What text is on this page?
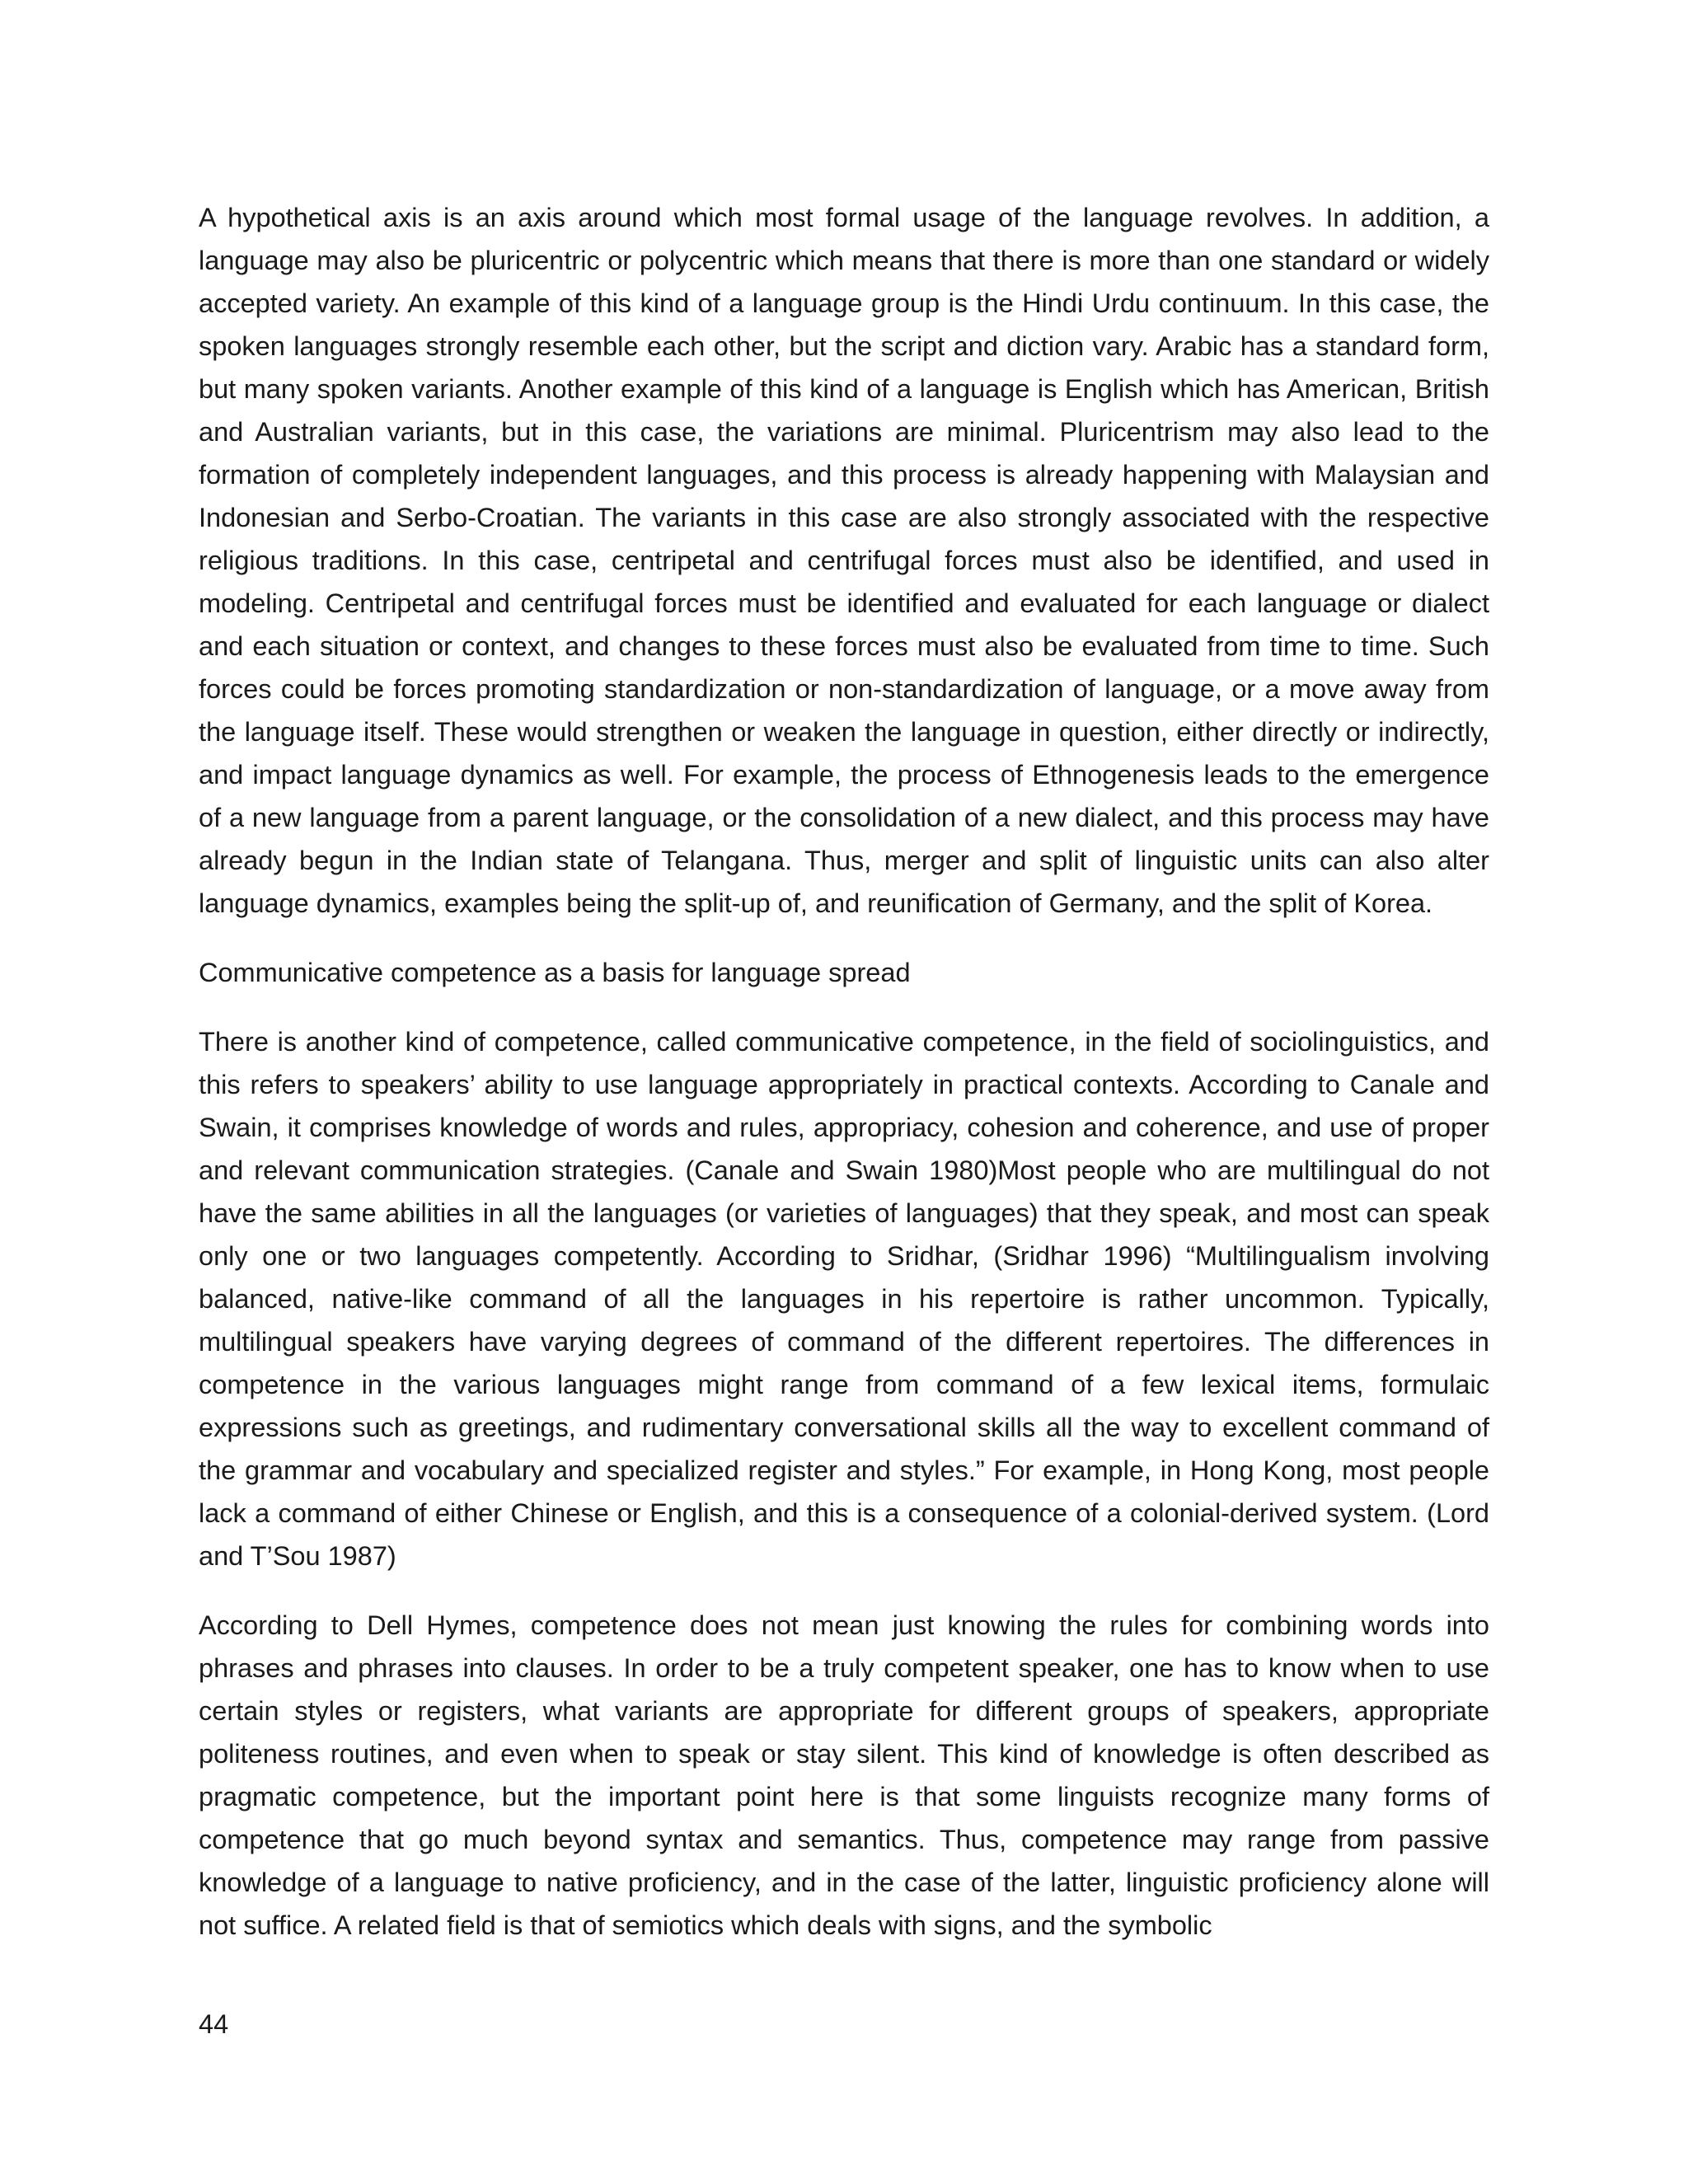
A hypothetical axis is an axis around which most formal usage of the language revolves. In addition, a language may also be pluricentric or polycentric which means that there is more than one standard or widely accepted variety. An example of this kind of a language group is the Hindi Urdu continuum. In this case, the spoken languages strongly resemble each other, but the script and diction vary. Arabic has a standard form, but many spoken variants. Another example of this kind of a language is English which has American, British and Australian variants, but in this case, the variations are minimal. Pluricentrism may also lead to the formation of completely independent languages, and this process is already happening with Malaysian and Indonesian and Serbo-Croatian. The variants in this case are also strongly associated with the respective religious traditions. In this case, centripetal and centrifugal forces must also be identified, and used in modeling. Centripetal and centrifugal forces must be identified and evaluated for each language or dialect and each situation or context, and changes to these forces must also be evaluated from time to time. Such forces could be forces promoting standardization or non-standardization of language, or a move away from the language itself. These would strengthen or weaken the language in question, either directly or indirectly, and impact language dynamics as well. For example, the process of Ethnogenesis leads to the emergence of a new language from a parent language, or the consolidation of a new dialect, and this process may have already begun in the Indian state of Telangana. Thus, merger and split of linguistic units can also alter language dynamics, examples being the split-up of, and reunification of Germany, and the split of Korea.

Communicative competence as a basis for language spread

There is another kind of competence, called communicative competence, in the field of sociolinguistics, and this refers to speakers’ ability to use language appropriately in practical contexts. According to Canale and Swain, it comprises knowledge of words and rules, appropriacy, cohesion and coherence, and use of proper and relevant communication strategies. (Canale and Swain 1980)Most people who are multilingual do not have the same abilities in all the languages (or varieties of languages) that they speak, and most can speak only one or two languages competently. According to Sridhar, (Sridhar 1996) “Multilingualism involving balanced, native-like command of all the languages in his repertoire is rather uncommon. Typically, multilingual speakers have varying degrees of command of the different repertoires. The differences in competence in the various languages might range from command of a few lexical items, formulaic expressions such as greetings, and rudimentary conversational skills all the way to excellent command of the grammar and vocabulary and specialized register and styles.” For example, in Hong Kong, most people lack a command of either Chinese or English, and this is a consequence of a colonial-derived system. (Lord and T’Sou 1987)

According to Dell Hymes, competence does not mean just knowing the rules for combining words into phrases and phrases into clauses. In order to be a truly competent speaker, one has to know when to use certain styles or registers, what variants are appropriate for different groups of speakers, appropriate politeness routines, and even when to speak or stay silent. This kind of knowledge is often described as pragmatic competence, but the important point here is that some linguists recognize many forms of competence that go much beyond syntax and semantics. Thus, competence may range from passive knowledge of a language to native proficiency, and in the case of the latter, linguistic proficiency alone will not suffice. A related field is that of semiotics which deals with signs, and the symbolic

44
